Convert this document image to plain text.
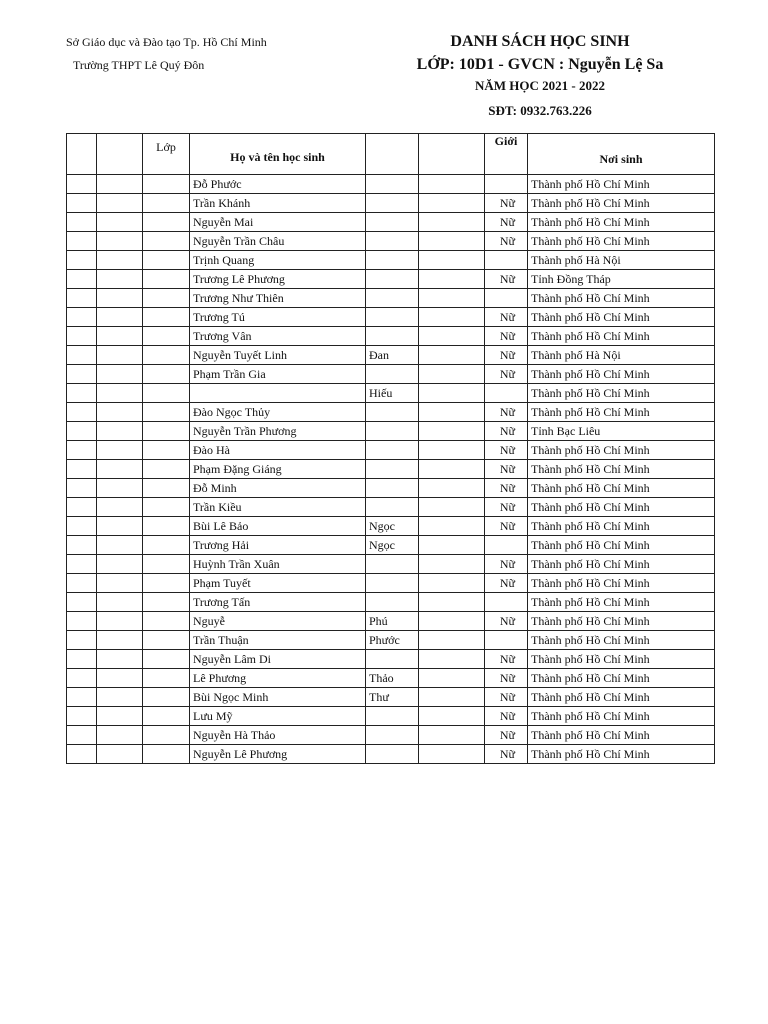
Sở Giáo dục và Đào tạo Tp. Hồ Chí Minh
Trường THPT Lê Quý Đôn
DANH SÁCH HỌC SINH
LỚP: 10D1 - GVCN : Nguyễn Lệ Sa
NĂM HỌC 2021 - 2022
SĐT: 0932.763.226
		Lớp	Họ và tên học sinh			Giới	Nơi sinh
			Đỗ Phước				Thành phố Hồ Chí Minh
			Trần Khánh			Nữ	Thành phố Hồ Chí Minh
			Nguyễn Mai			Nữ	Thành phố Hồ Chí Minh
			Nguyễn Trần Châu			Nữ	Thành phố Hồ Chí Minh
			Trịnh Quang				Thành phố Hà Nội
			Trương Lê Phương			Nữ	Tỉnh Đồng Tháp
			Trương Như Thiên				Thành phố Hồ Chí Minh
			Trương Tú			Nữ	Thành phố Hồ Chí Minh
			Trương Vân			Nữ	Thành phố Hồ Chí Minh
			Nguyễn Tuyết Linh	Đan		Nữ	Thành phố Hà Nội
			Phạm Trần Gia			Nữ	Thành phố Hồ Chí Minh
				Hiếu			Thành phố Hồ Chí Minh
			Đào Ngọc Thủy			Nữ	Thành phố Hồ Chí Minh
			Nguyễn Trần Phương			Nữ	Tỉnh Bạc Liêu
			Đào Hà			Nữ	Thành phố Hồ Chí Minh
			Phạm Đặng Giáng			Nữ	Thành phố Hồ Chí Minh
			Đỗ Minh			Nữ	Thành phố Hồ Chí Minh
			Trần Kiều			Nữ	Thành phố Hồ Chí Minh
			Bùi Lê Bảo	Ngọc		Nữ	Thành phố Hồ Chí Minh
			Trương Hải	Ngọc			Thành phố Hồ Chí Minh
			Huỳnh Trần Xuân			Nữ	Thành phố Hồ Chí Minh
			Phạm Tuyết			Nữ	Thành phố Hồ Chí Minh
			Trương Tấn				Thành phố Hồ Chí Minh
			Nguyễ	Phú		Nữ	Thành phố Hồ Chí Minh
			Trần Thuận	Phước			Thành phố Hồ Chí Minh
			Nguyễn Lâm Di			Nữ	Thành phố Hồ Chí Minh
			Lê Phương	Thảo		Nữ	Thành phố Hồ Chí Minh
			Bùi Ngọc Minh	Thư		Nữ	Thành phố Hồ Chí Minh
			Lưu Mỹ			Nữ	Thành phố Hồ Chí Minh
			Nguyễn Hà Thảo			Nữ	Thành phố Hồ Chí Minh
			Nguyễn Lê Phương			Nữ	Thành phố Hồ Chí Minh
